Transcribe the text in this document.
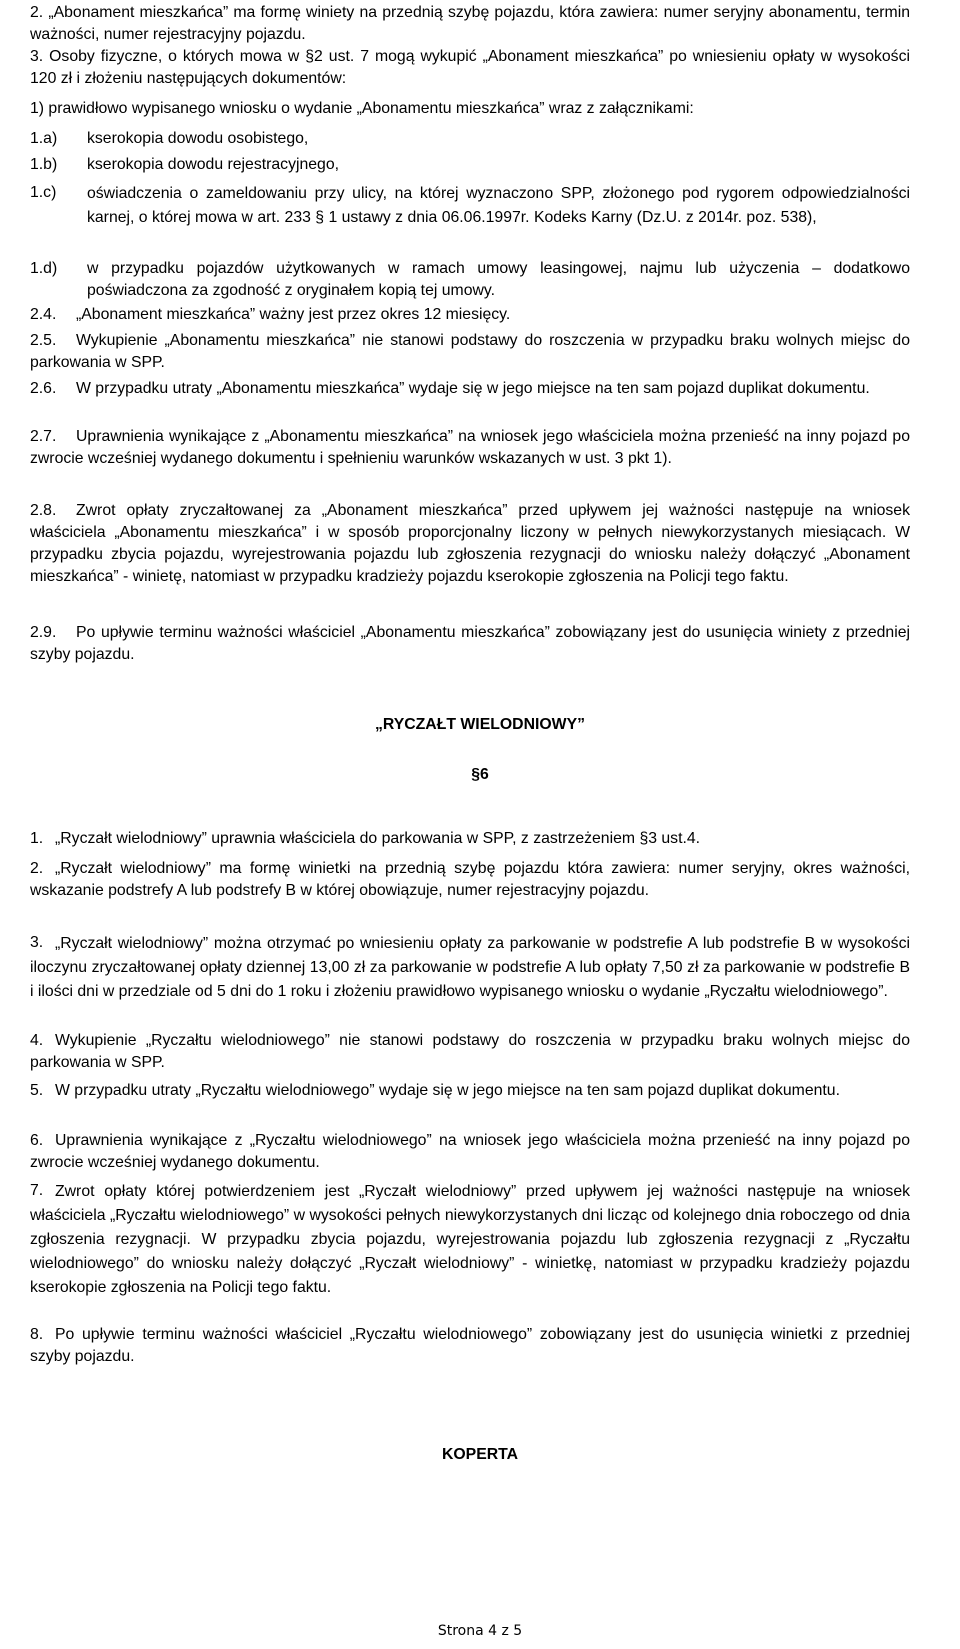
2. „Abonament mieszkańca” ma formę winiety na przednią szybę pojazdu, która zawiera: numer seryjny abonamentu, termin ważności, numer rejestracyjny pojazdu.

3. Osoby fizyczne, o których mowa w §2 ust. 7 mogą wykupić „Abonament mieszkańca” po wniesieniu opłaty w wysokości 120 zł i złożeniu następujących dokumentów:

1) prawidłowo wypisanego wniosku o wydanie „Abonamentu mieszkańca” wraz z załącznikami:

1.a) kserokopia dowodu osobistego,
1.b) kserokopia dowodu rejestracyjnego,
1.c) oświadczenia o zameldowaniu przy ulicy, na której wyznaczono SPP, złożonego pod rygorem odpowiedzialności karnej, o której mowa w art. 233 § 1 ustawy z dnia 06.06.1997r. Kodeks Karny (Dz.U. z 2014r. poz. 538),
1.d) w przypadku pojazdów użytkowanych w ramach umowy leasingowej, najmu lub użyczenia – dodatkowo poświadczona za zgodność z oryginałem kopią tej umowy.
2.4. „Abonament mieszkańca” ważny jest przez okres 12 miesięcy.
2.5.	Wykupienie „Abonamentu mieszkańca” nie stanowi podstawy do roszczenia w przypadku braku wolnych miejsc do parkowania w SPP.
2.6.	W przypadku utraty „Abonamentu mieszkańca” wydaje się w jego miejsce na ten sam pojazd duplikat dokumentu.
2.7.	Uprawnienia wynikające z „Abonamentu mieszkańca” na wniosek jego właściciela można przenieść na inny pojazd po zwrocie wcześniej wydanego dokumentu i spełnieniu warunków wskazanych w ust. 3 pkt 1).
2.8.	Zwrot opłaty zryczałtowanej za „Abonament mieszkańca” przed upływem jej ważności następuje na wniosek właściciela „Abonamentu mieszkańca” i w sposób proporcjonalny liczony w pełnych niewykorzystanych miesiącach. W przypadku zbycia pojazdu, wyrejestrowania pojazdu lub zgłoszenia rezygnacji do wniosku należy dołączyć „Abonament mieszkańca” - winietę, natomiast w przypadku kradzieży pojazdu kserokopie zgłoszenia na Policji tego faktu.
2.9.	Po upływie terminu ważności właściciel „Abonamentu mieszkańca” zobowiązany jest do usunięcia winiety z przedniej szyby pojazdu.

„RYCZAŁT WIELODNIOWY”

§6

1. „Ryczałt wielodniowy” uprawnia właściciela do parkowania w SPP, z zastrzeżeniem §3 ust.4.
2. „Ryczałt wielodniowy” ma formę winietki na przednią szybę pojazdu która zawiera: numer seryjny, okres ważności, wskazanie podstrefy A lub podstrefy B w której obowiązuje, numer rejestracyjny pojazdu.
3. „Ryczałt wielodniowy” można otrzymać po wniesieniu opłaty za parkowanie w podstrefie A lub podstrefie B w wysokości iloczynu zryczałtowanej opłaty dziennej 13,00 zł za parkowanie w podstrefie A lub opłaty 7,50 zł za parkowanie w podstrefie B i ilości dni w przedziale od 5 dni do 1 roku i złożeniu prawidłowo wypisanego wniosku o wydanie „Ryczałtu wielodniowego”.
4. Wykupienie „Ryczałtu wielodniowego” nie stanowi podstawy do roszczenia w przypadku braku wolnych miejsc do parkowania w SPP.
5. W przypadku utraty „Ryczałtu wielodniowego” wydaje się w jego miejsce na ten sam pojazd duplikat dokumentu.
6. Uprawnienia wynikające z „Ryczałtu wielodniowego” na wniosek jego właściciela można przenieść na inny pojazd po zwrocie wcześniej wydanego dokumentu.
7. Zwrot opłaty której potwierdzeniem jest „Ryczałt wielodniowy” przed upływem jej ważności następuje na wniosek właściciela „Ryczałtu wielodniowego” w wysokości pełnych niewykorzystanych dni licząc od kolejnego dnia roboczego od dnia zgłoszenia rezygnacji. W przypadku zbycia pojazdu, wyrejestrowania pojazdu lub zgłoszenia rezygnacji z „Ryczałtu wielodniowego” do wniosku należy dołączyć „Ryczałt wielodniowy” - winietkę, natomiast w przypadku kradzieży pojazdu kserokopie zgłoszenia na Policji tego faktu.
8. Po upływie terminu ważności właściciel „Ryczałtu wielodniowego” zobowiązany jest do usunięcia winietki z przedniej szyby pojazdu.

KOPERTA

Strona 4 z 5
